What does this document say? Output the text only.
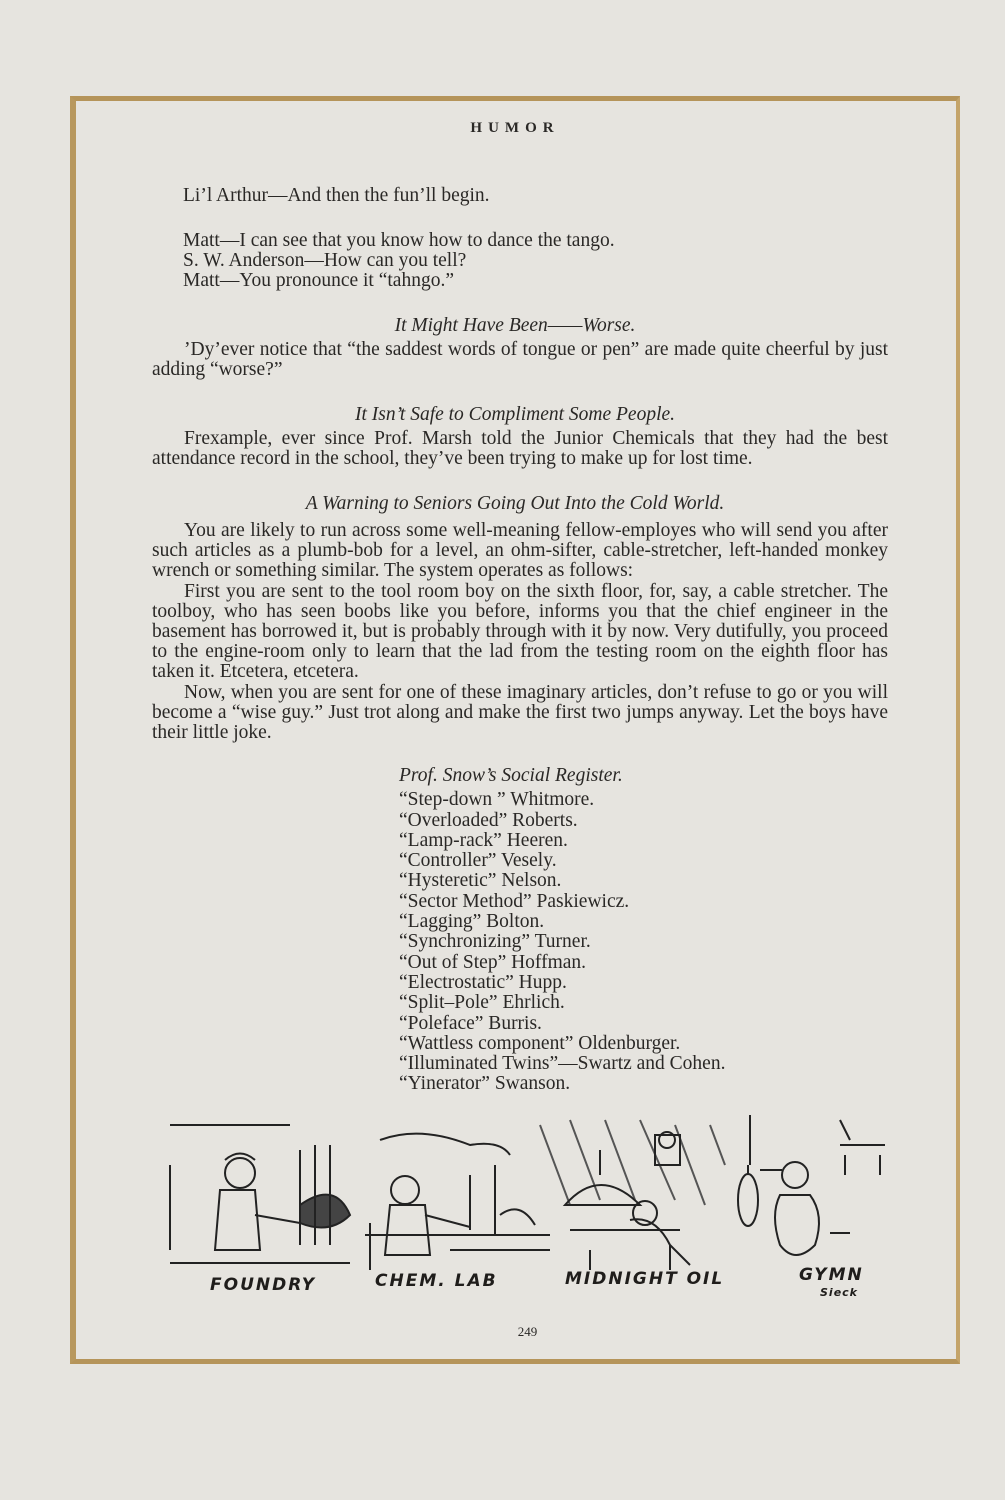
HUMOR
Li’l Arthur—And then the fun’ll begin.
Matt—I can see that you know how to dance the tango.
S. W. Anderson—How can you tell?
Matt—You pronounce it “tahngo.”
It Might Have Been——Worse.

’Dy’ever notice that “the saddest words of tongue or pen” are made quite cheerful by just adding “worse?”

It Isn’t Safe to Compliment Some People.

Frexample, ever since Prof. Marsh told the Junior Chemicals that they had the best attendance record in the school, they’ve been trying to make up for lost time.

A Warning to Seniors Going Out Into the Cold World.

You are likely to run across some well-meaning fellow-employes who will send you after such articles as a plumb-bob for a level, an ohm-sifter, cable-stretcher, left-handed monkey wrench or something similar. The system operates as follows:

First you are sent to the tool room boy on the sixth floor, for, say, a cable stretcher. The toolboy, who has seen boobs like you before, informs you that the chief engineer in the basement has borrowed it, but is probably through with it by now. Very dutifully, you proceed to the engine-room only to learn that the lad from the testing room on the eighth floor has taken it. Etcetera, etcetera.

Now, when you are sent for one of these imaginary articles, don’t refuse to go or you will become a “wise guy.” Just trot along and make the first two jumps anyway. Let the boys have their little joke.

Prof. Snow’s Social Register.
“Step-down ” Whitmore.
“Overloaded” Roberts.
“Lamp-rack” Heeren.
“Controller” Vesely.
“Hysteretic” Nelson.
“Sector Method” Paskiewicz.
“Lagging” Bolton.
“Synchronizing” Turner.
“Out of Step” Hoffman.
“Electrostatic” Hupp.
“Split–Pole” Ehrlich.
“Poleface” Burris.
“Wattless component” Oldenburger.
“Illuminated Twins”—Swartz and Cohen.
“Yinerator” Swanson.
FOUNDRY	CHEM. LAB	MIDNIGHT OIL	GYMN
Sieck
249
